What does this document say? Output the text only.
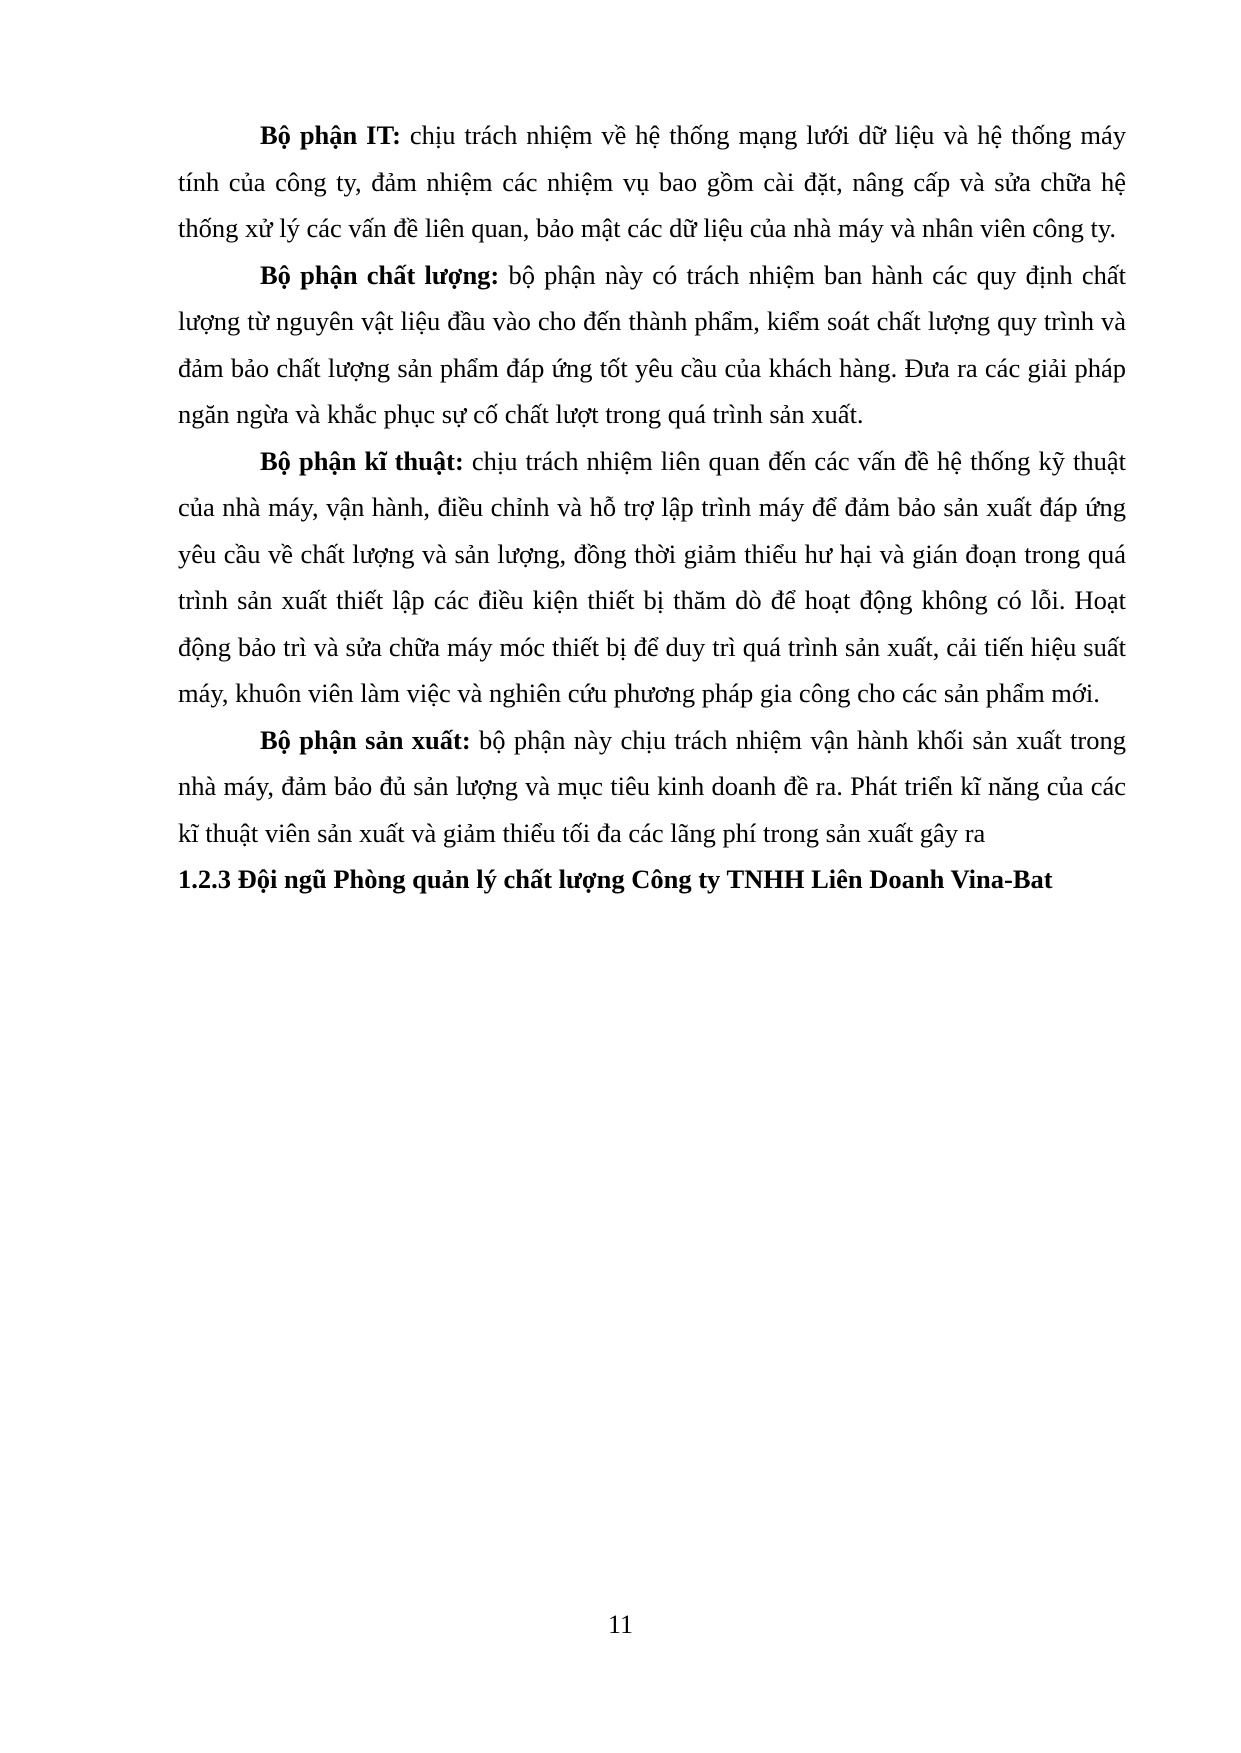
Bộ phận IT: chịu trách nhiệm về hệ thống mạng lưới dữ liệu và hệ thống máy tính của công ty, đảm nhiệm các nhiệm vụ bao gồm cài đặt, nâng cấp và sửa chữa hệ thống xử lý các vấn đề liên quan, bảo mật các dữ liệu của nhà máy và nhân viên công ty.

Bộ phận chất lượng: bộ phận này có trách nhiệm ban hành các quy định chất lượng từ nguyên vật liệu đầu vào cho đến thành phẩm, kiểm soát chất lượng quy trình và đảm bảo chất lượng sản phẩm đáp ứng tốt yêu cầu của khách hàng. Đưa ra các giải pháp ngăn ngừa và khắc phục sự cố chất lượt trong quá trình sản xuất.

Bộ phận kĩ thuật: chịu trách nhiệm liên quan đến các vấn đề hệ thống kỹ thuật của nhà máy, vận hành, điều chỉnh và hỗ trợ lập trình máy để đảm bảo sản xuất đáp ứng yêu cầu về chất lượng và sản lượng, đồng thời giảm thiểu hư hại và gián đoạn trong quá trình sản xuất thiết lập các điều kiện thiết bị thăm dò để hoạt động không có lỗi. Hoạt động bảo trì và sửa chữa máy móc thiết bị để duy trì quá trình sản xuất, cải tiến hiệu suất máy, khuôn viên làm việc và nghiên cứu phương pháp gia công cho các sản phẩm mới.

Bộ phận sản xuất: bộ phận này chịu trách nhiệm vận hành khối sản xuất trong nhà máy, đảm bảo đủ sản lượng và mục tiêu kinh doanh đề ra. Phát triển kĩ năng của các kĩ thuật viên sản xuất và giảm thiểu tối đa các lãng phí trong sản xuất gây ra

1.2.3 Đội ngũ Phòng quản lý chất lượng Công ty TNHH Liên Doanh Vina-Bat

11
